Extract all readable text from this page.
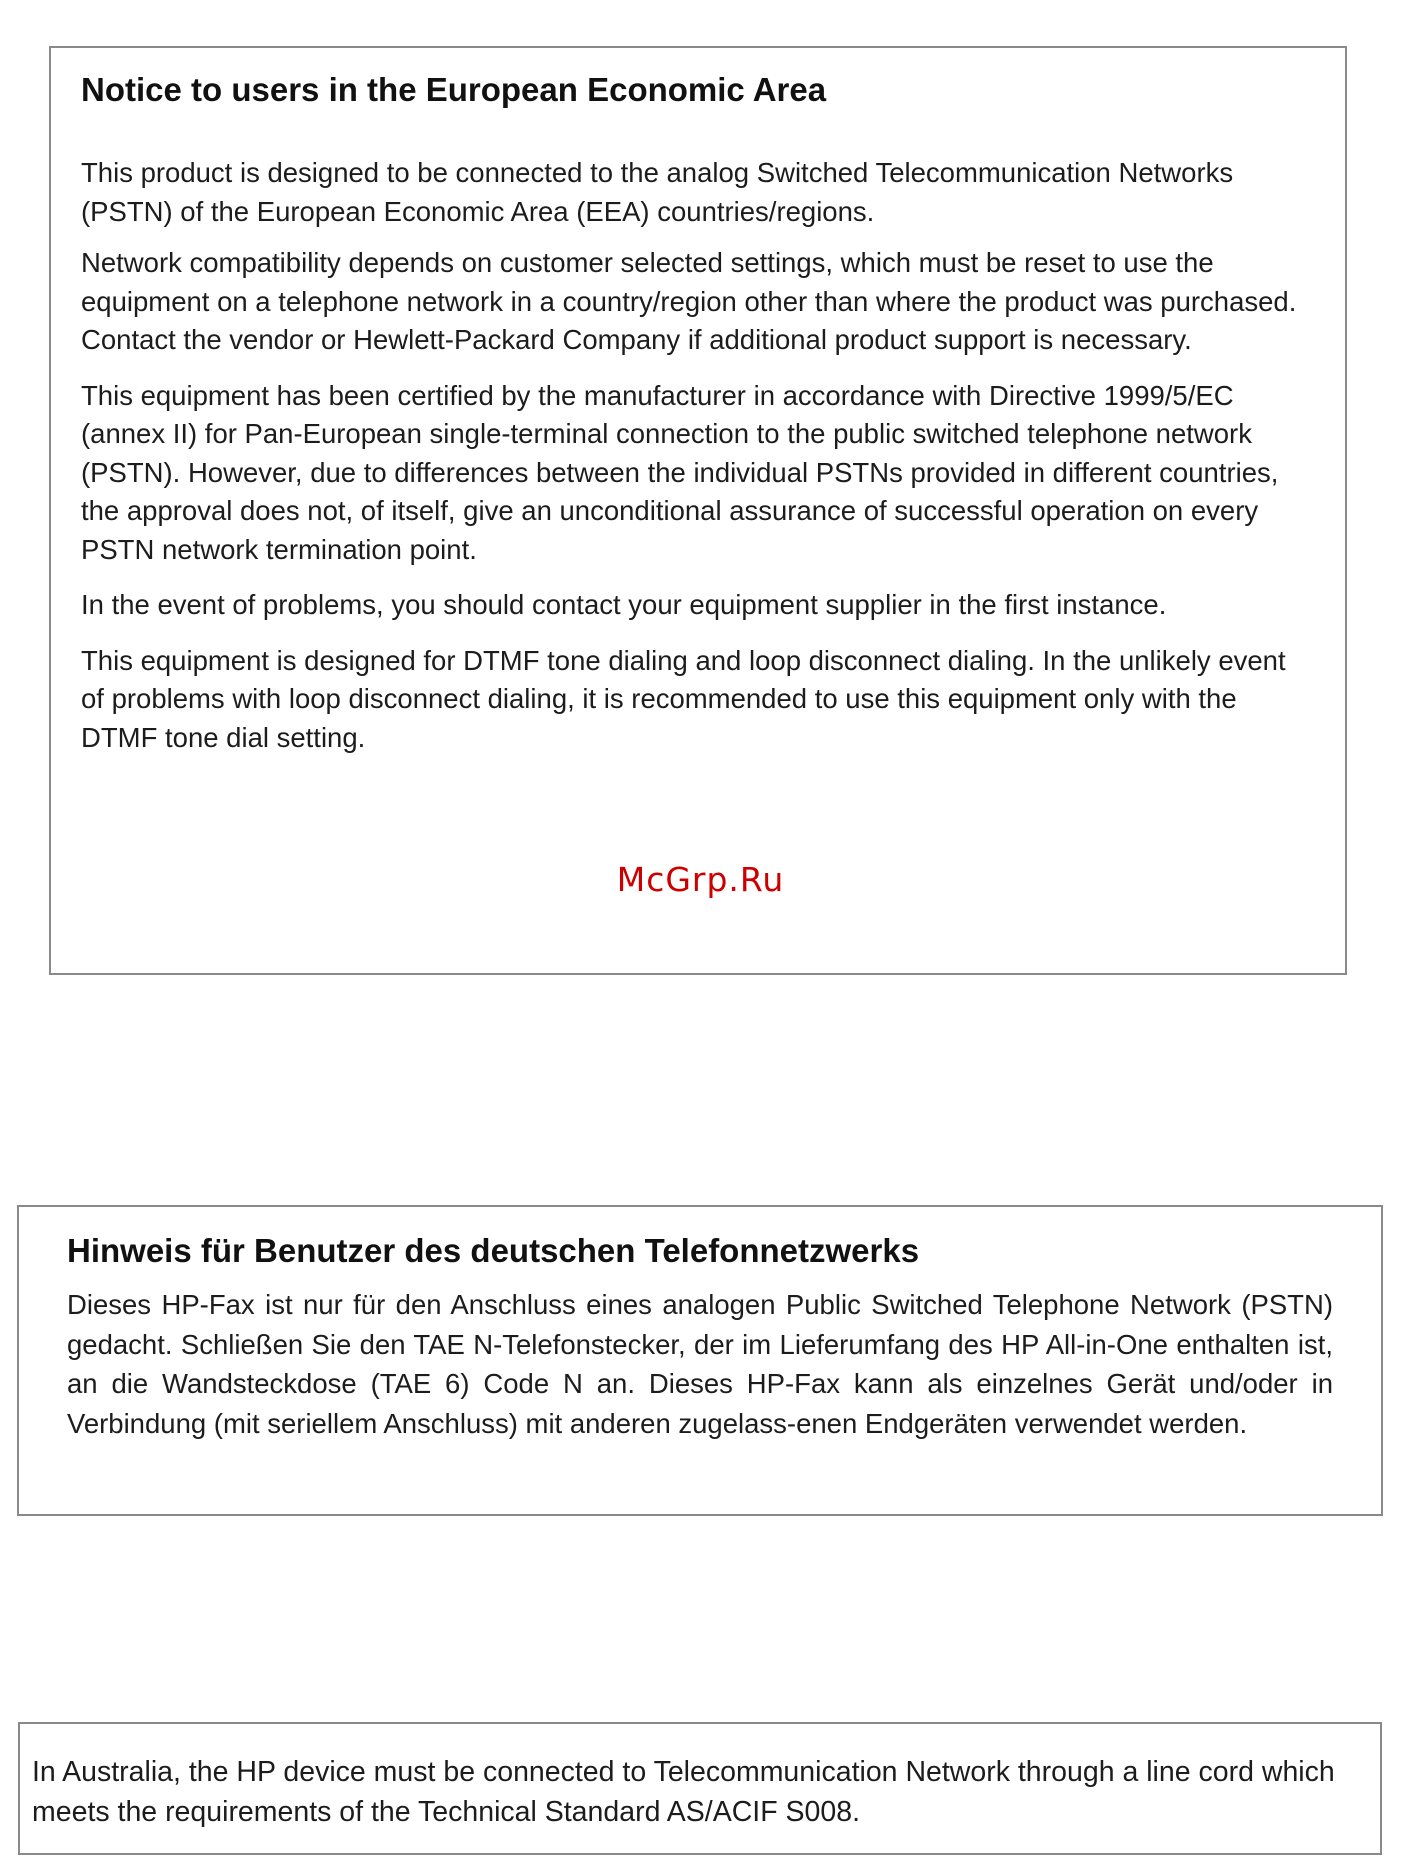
Notice to users in the European Economic Area

This product is designed to be connected to the analog Switched Telecommunication Networks (PSTN) of the European Economic Area (EEA) countries/regions.

Network compatibility depends on customer selected settings, which must be reset to use the equipment on a telephone network in a country/region other than where the product was purchased. Contact the vendor or Hewlett-Packard Company if additional product support is necessary.

This equipment has been certified by the manufacturer in accordance with Directive 1999/5/EC (annex II) for Pan-European single-terminal connection to the public switched telephone network (PSTN). However, due to differences between the individual PSTNs provided in different countries, the approval does not, of itself, give an unconditional assurance of successful operation on every PSTN network termination point.

In the event of problems, you should contact your equipment supplier in the first instance.

This equipment is designed for DTMF tone dialing and loop disconnect dialing. In the unlikely event of problems with loop disconnect dialing, it is recommended to use this equipment only with the DTMF tone dial setting.

McGrp.Ru
Hinweis für Benutzer des deutschen Telefonnetzwerks

Dieses HP-Fax ist nur für den Anschluss eines analogen Public Switched Telephone Network (PSTN) gedacht. Schließen Sie den TAE N-Telefonstecker, der im Lieferumfang des HP All-in-One enthalten ist, an die Wandsteckdose (TAE 6) Code N an. Dieses HP-Fax kann als einzelnes Gerät und/oder in Verbindung (mit seriellem Anschluss) mit anderen zugelass-enen Endgeräten verwendet werden.

In Australia, the HP device must be connected to Telecommunication Network through a line cord which meets the requirements of the Technical Standard AS/ACIF S008.
